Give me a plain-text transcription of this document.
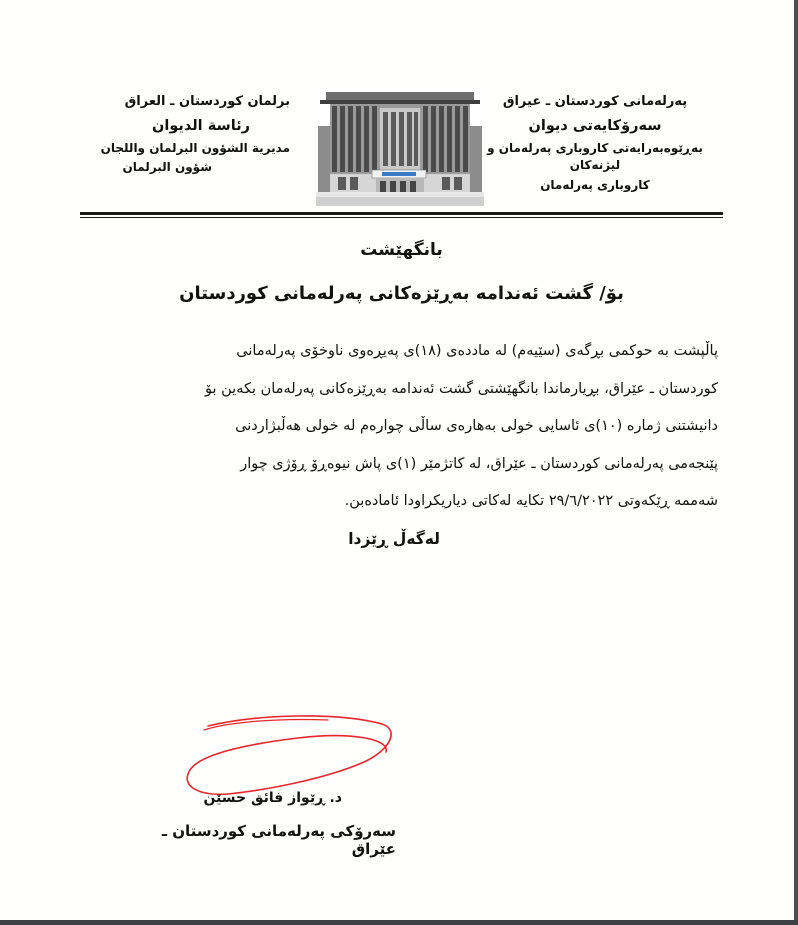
پەرلەمانی کوردستان ـ عیراق
سەرۆکایەتی دیوان
بەڕێوەبەرایەتی کاروباری پەرلەمان و لیژنەکان
کاروباری پەرلەمان
برلمان كوردستان ـ العراق
رئاسة الديوان
مديرية الشؤون البرلمان واللجان
شؤون البرلمان
بانگهێشت
بۆ/ گشت ئەندامە بەڕێزەکانی پەرلەمانی کوردستان
پاڵپشت بە حوکمی بڕگەی (سێیەم) لە ماددەی (١٨)ی پەیڕەوی ناوخۆی پەرلەمانی
کوردستان ـ عێراق، بڕیارماندا بانگهێشتی گشت ئەندامە بەڕێزەکانی پەرلەمان بکەین بۆ
دانیشتنی ژمارە (١٠)ی ئاسایی خولی بەهارەی ساڵی چوارەم لە خولی هەڵبژاردنی
پێنجەمی پەرلەمانی کوردستان ـ عێراق، لە کاتژمێر (١)ی پاش نیوەڕۆ ڕۆژی چوار
شەممە ڕێکەوتی ٢٩/٦/٢٠٢٢ تکایە لەکاتی دیاریکراودا ئامادەبن.
لەگەڵ ڕێزدا
د. ڕێواز فائق حسێن
سەرۆکی پەرلەمانی کوردستان ـ عێراق
